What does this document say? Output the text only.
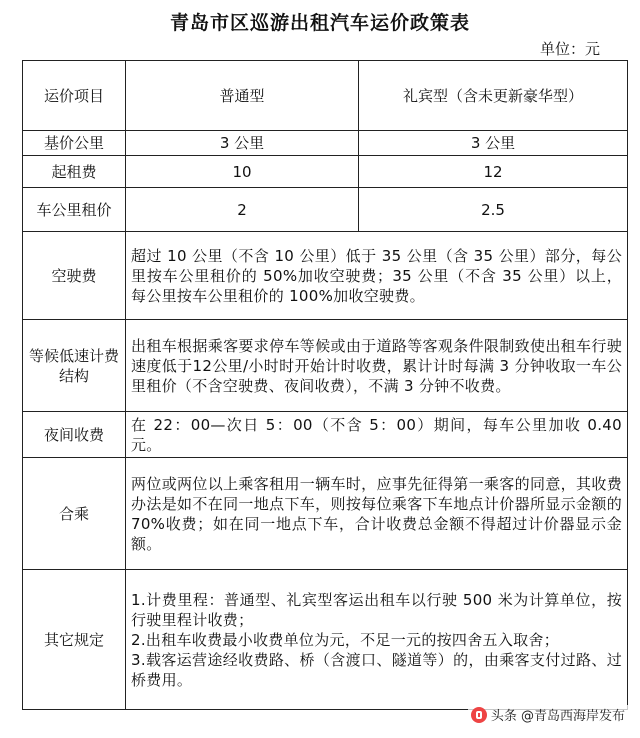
青岛市区巡游出租汽车运价政策表
单位：元
运价项目	普通型	礼宾型（含未更新豪华型）
基价公里	3 公里	3 公里
起租费	10	12
车公里租价	2	2.5
空驶费	超过 10 公里（不含 10 公里）低于 35 公里（含 35 公里）部分，每公里按车公里租价的 50%加收空驶费；35 公里（不含 35 公里）以上，每公里按车公里租价的 100%加收空驶费。	
等候低速计费结构	出租车根据乘客要求停车等候或由于道路等客观条件限制致使出租车行驶速度低于12公里/小时时开始计时收费，累计计时每满 3 分钟收取一车公里租价（不含空驶费、夜间收费），不满 3 分钟不收费。	
夜间收费	在 22：00—次日 5：00（不含 5：00）期间，每车公里加收 0.40 元。	
合乘	两位或两位以上乘客租用一辆车时，应事先征得第一乘客的同意，其收费办法是如不在同一地点下车，则按每位乘客下车地点计价器所显示金额的 70%收费；如在同一地点下车，合计收费总金额不得超过计价器显示金额。	
其它规定	1.计费里程：普通型、礼宾型客运出租车以行驶 500 米为计算单位，按行驶里程计收费；
2.出租车收费最小收费单位为元，不足一元的按四舍五入取舍；
3.载客运营途经收费路、桥（含渡口、隧道等）的，由乘客支付过路、过桥费用。	
头条 @青岛西海岸发布
